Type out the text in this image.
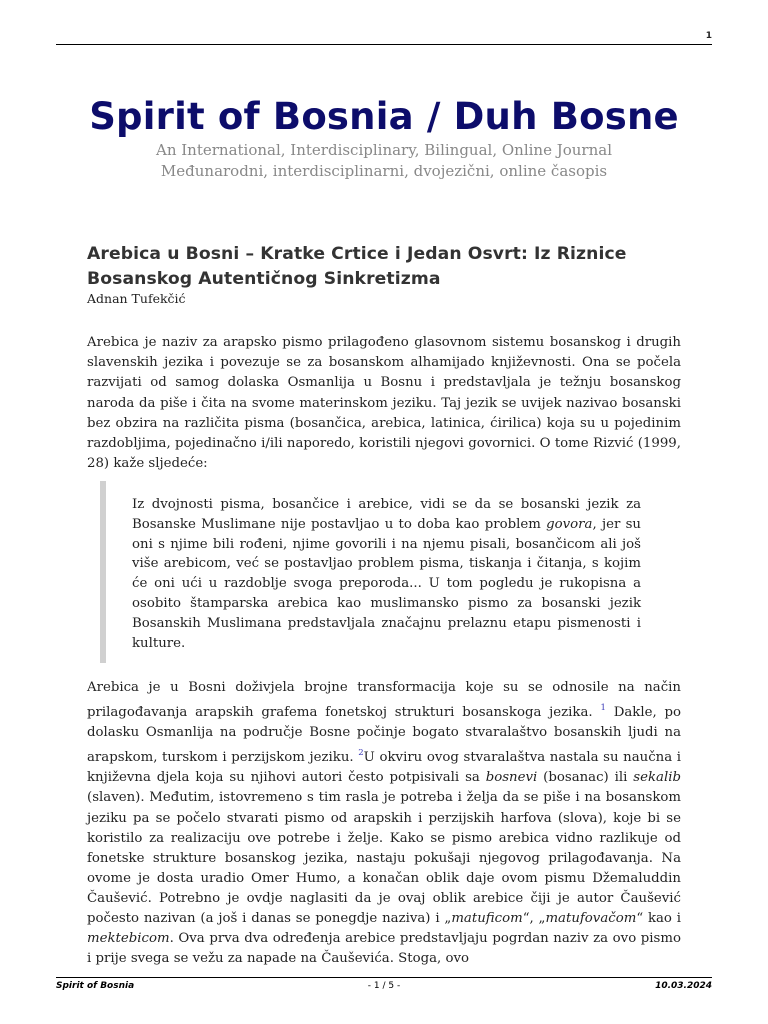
1
Spirit of Bosnia / Duh Bosne

An International, Interdisciplinary, Bilingual, Online Journal

Međunarodni, interdisciplinarni, dvojezični, online časopis

Arebica u Bosni – Kratke Crtice i Jedan Osvrt: Iz Riznice Bosanskog Autentičnog Sinkretizma
Adnan Tufekčić

Arebica je naziv za arapsko pismo prilagođeno glasovnom sistemu bosanskog i drugih slavenskih jezika i povezuje se za bosanskom alhamijado književnosti. Ona se počela razvijati od samog dolaska Osmanlija u Bosnu i predstavljala je težnju bosanskog naroda da piše i čita na svome materinskom jeziku. Taj jezik se uvijek nazivao bosanski bez obzira na različita pisma (bosančica, arebica, latinica, ćirilica) koja su u pojedinim razdobljima, pojedinačno i/ili naporedo, koristili njegovi govornici. O tome Rizvić (1999, 28) kaže sljedeće:

Iz dvojnosti pisma, bosančice i arebice, vidi se da se bosanski jezik za Bosanske Muslimane nije postavljao u to doba kao problem govora, jer su oni s njime bili rođeni, njime govorili i na njemu pisali, bosančicom ali još više arebicom, već se postavljao problem pisma, tiskanja i čitanja, s kojim će oni ući u razdoblje svoga preporoda... U tom pogledu je rukopisna a osobito štamparska arebica kao muslimansko pismo za bosanski jezik Bosanskih Muslimana predstavljala značajnu prelaznu etapu pismenosti i kulture.

Arebica je u Bosni doživjela brojne transformacija koje su se odnosile na način prilagođavanja arapskih grafema fonetskoj strukturi bosanskoga jezika. $^1$ Dakle, po dolasku Osmanlija na područje Bosne počinje bogato stvaralaštvo bosanskih ljudi na arapskom, turskom i perzijskom jeziku. $^2$U okviru ovog stvaralaštva nastala su naučna i književna djela koja su njihovi autori često potpisivali sa bosnevi (bosanac) ili sekalib (slaven). Međutim, istovremeno s tim rasla je potreba i želja da se piše i na bosanskom jeziku pa se počelo stvarati pismo od arapskih i perzijskih harfova (slova), koje bi se koristilo za realizaciju ove potrebe i želje. Kako se pismo arebica vidno razlikuje od fonetske strukture bosanskog jezika, nastaju pokušaji njegovog prilagođavanja. Na ovome je dosta uradio Omer Humo, a konačan oblik daje ovom pismu Džemaluddin Čaušević. Potrebno je ovdje naglasiti da je ovaj oblik arebice čiji je autor Čaušević počesto nazivan (a još i danas se ponegdje naziva) i „matuficom“, „matufovačom“ kao i mektebicom. Ova prva dva određenja arebice predstavljaju pogrdan naziv za ovo pismo i prije svega se vežu za napade na Čauševića. Stoga, ovo

Spirit of Bosnia	- 1 / 5 -	10.03.2024
